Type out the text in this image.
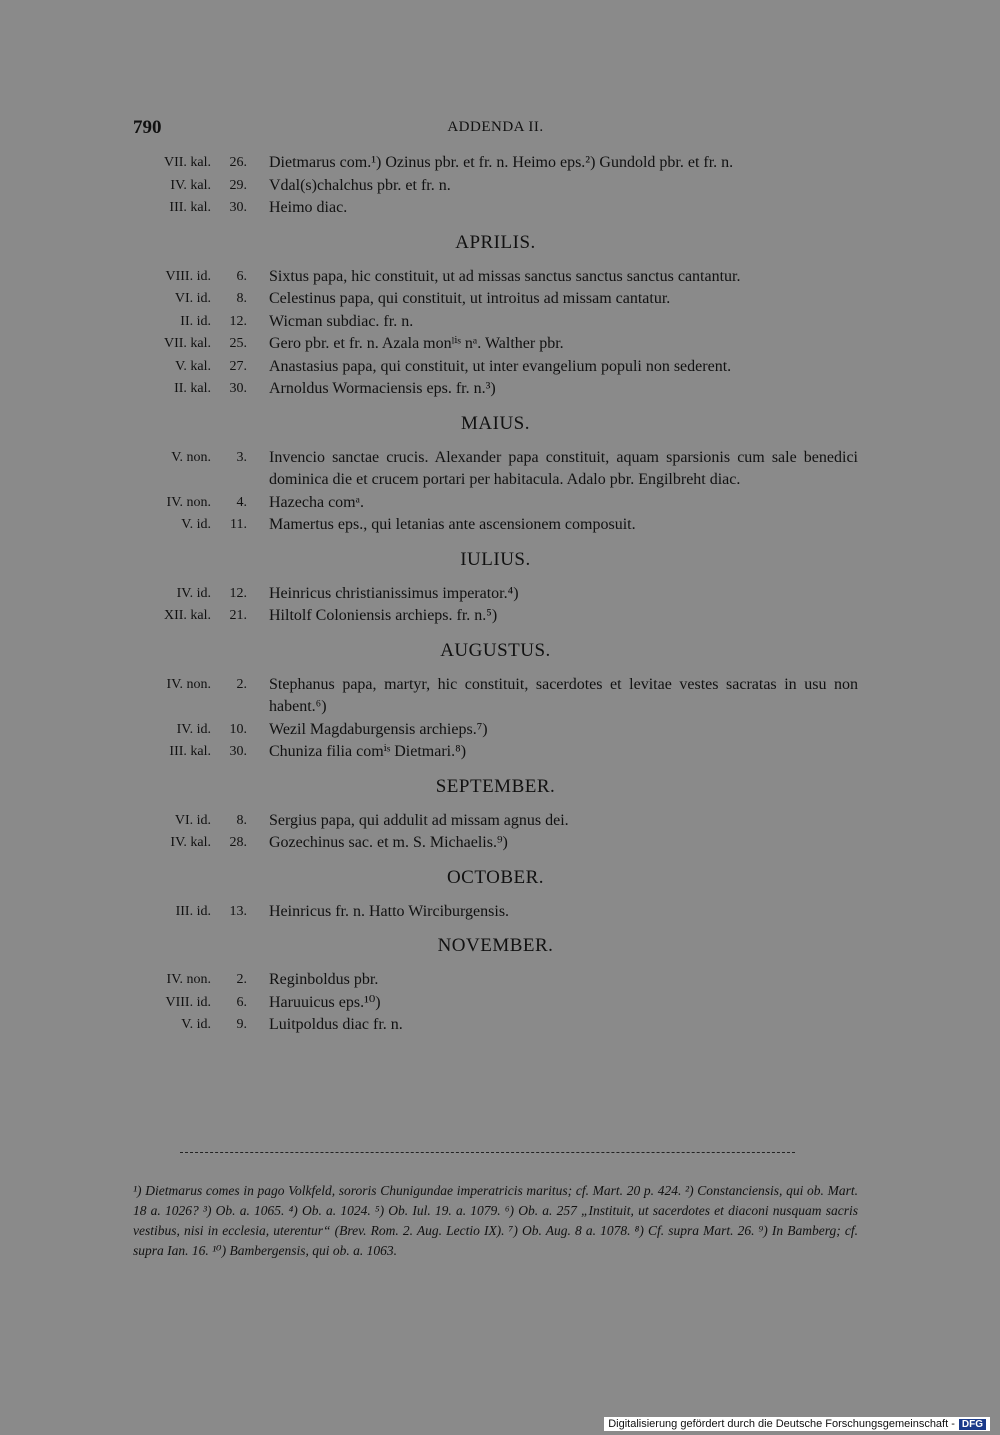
790	ADDENDA II.
VII. kal.	26.	Dietmarus com.¹) Ozinus pbr. et fr. n. Heimo eps.²) Gundold pbr. et fr. n.
IV. kal.	29.	Vdal(s)chalchus pbr. et fr. n.
III. kal.	30.	Heimo diac.
APRILIS.
VIII. id.	6.	Sixtus papa, hic constituit, ut ad missas sanctus sanctus sanctus cantantur.
VI. id.	8.	Celestinus papa, qui constituit, ut introitus ad missam cantatur.
II. id.	12.	Wicman subdiac. fr. n.
VII. kal.	25.	Gero pbr. et fr. n. Azala monˡⁱˢ nᵃ. Walther pbr.
V. kal.	27.	Anastasius papa, qui constituit, ut inter evangelium populi non sederent.
II. kal.	30.	Arnoldus Wormaciensis eps. fr. n.³)
MAIUS.
V. non.	3.	Invencio sanctae crucis. Alexander papa constituit, aquam sparsionis cum sale benedici dominica die et crucem portari per habitacula. Adalo pbr. Engilbreht diac.
IV. non.	4.	Hazecha comᵃ.
V. id.	11.	Mamertus eps., qui letanias ante ascensionem composuit.
IULIUS.
IV. id.	12.	Heinricus christianissimus imperator.⁴)
XII. kal.	21.	Hiltolf Coloniensis archieps. fr. n.⁵)
AUGUSTUS.
IV. non.	2.	Stephanus papa, martyr, hic constituit, sacerdotes et levitae vestes sacratas in usu non habent.⁶)
IV. id.	10.	Wezil Magdaburgensis archieps.⁷)
III. kal.	30.	Chuniza filia comⁱˢ Dietmari.⁸)
SEPTEMBER.
VI. id.	8.	Sergius papa, qui addulit ad missam agnus dei.
IV. kal.	28.	Gozechinus sac. et m. S. Michaelis.⁹)
OCTOBER.
III. id.	13.	Heinricus fr. n. Hatto Wirciburgensis.
NOVEMBER.
IV. non.	2.	Reginboldus pbr.
VIII. id.	6.	Haruuicus eps.¹⁰)
V. id.	9.	Luitpoldus diac fr. n.
¹) Dietmarus comes in pago Volkfeld, sororis Chunigundae imperatricis maritus; cf. Mart. 20 p. 424. ²) Constanciensis, qui ob. Mart. 18 a. 1026? ³) Ob. a. 1065. ⁴) Ob. a. 1024. ⁵) Ob. Iul. 19. a. 1079. ⁶) Ob. a. 257 „Instituit, ut sacerdotes et diaconi nusquam sacris vestibus, nisi in ecclesia, uterentur“ (Brev. Rom. 2. Aug. Lectio IX). ⁷) Ob. Aug. 8 a. 1078. ⁸) Cf. supra Mart. 26. ⁹) In Bamberg; cf. supra Ian. 16. ¹⁰) Bambergensis, qui ob. a. 1063.
Digitalisierung gefördert durch die Deutsche Forschungsgemeinschaft - DFG
